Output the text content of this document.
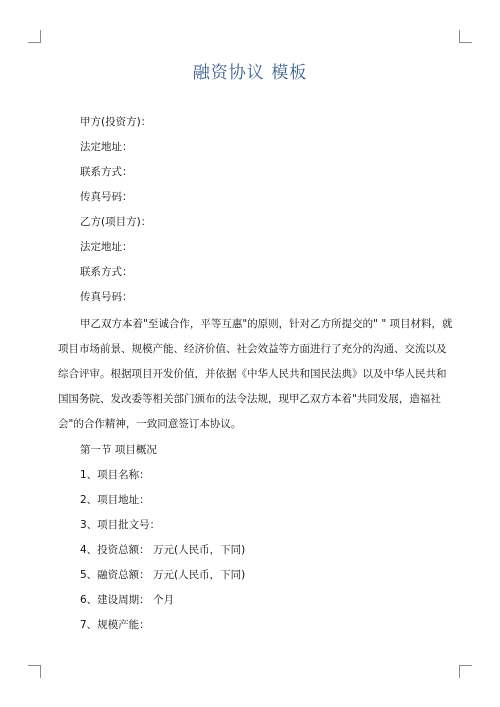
融资协议 模板
甲方(投资方)：
法定地址：
联系方式：
传真号码：
乙方(项目方)：
法定地址：
联系方式：
传真号码：
甲乙双方本着"至诚合作，平等互惠"的原则，针对乙方所提交的" " 项目材料，就
项目市场前景、规模产能、经济价值、社会效益等方面进行了充分的沟通、交流以及
综合评审。根据项目开发价值，并依据《中华人民共和国民法典》以及中华人民共和
国国务院、发改委等相关部门颁布的法令法规，现甲乙双方本着"共同发展，造福社
会"的合作精神，一致同意签订本协议。
第一节 项目概况
1、项目名称：
2、项目地址：
3、项目批文号：
4、投资总额： 万元(人民币，下同)
5、融资总额： 万元(人民币，下同)
6、建设周期： 个月
7、规模产能：
